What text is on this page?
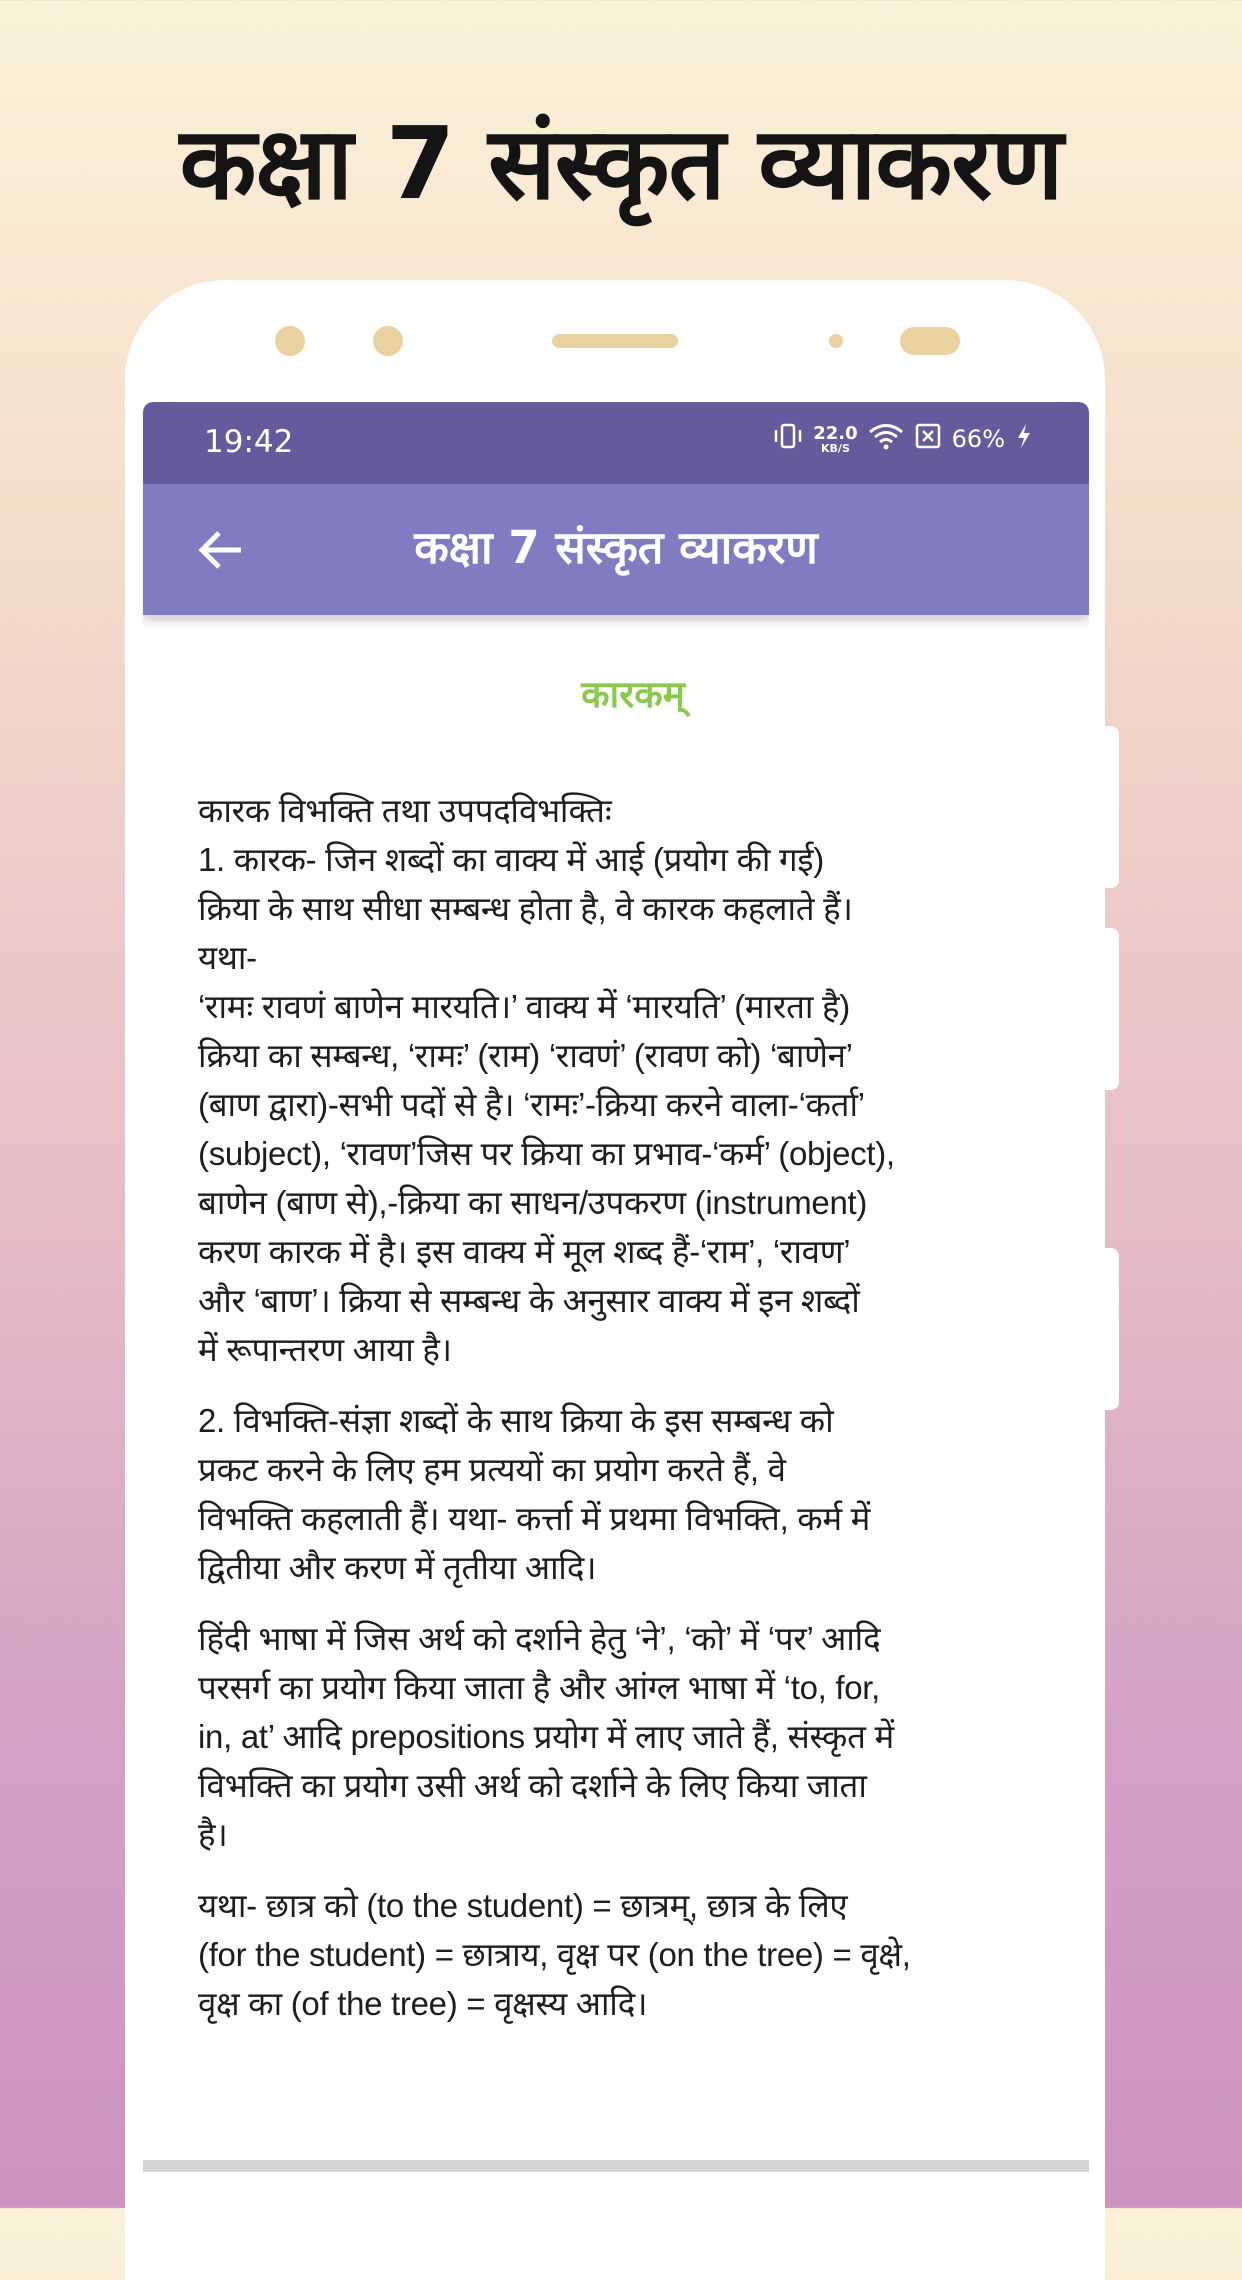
कक्षा 7 संस्कृत व्याकरण
19:42	22.0
KB/S	66%
कक्षा 7 संस्कृत व्याकरण
कारकम्

कारक विभक्ति तथा उपपदविभक्तिः
1. कारक- जिन शब्दों का वाक्य में आई (प्रयोग की गई)
क्रिया के साथ सीधा सम्बन्ध होता है, वे कारक कहलाते हैं।
यथा-
‘रामः रावणं बाणेन मारयति।’ वाक्य में ‘मारयति’ (मारता है)
क्रिया का सम्बन्ध, ‘रामः’ (राम) ‘रावणं’ (रावण को) ‘बाणेन’
(बाण द्वारा)-सभी पदों से है। ‘रामः’-क्रिया करने वाला-‘कर्ता’
(subject), ‘रावण’जिस पर क्रिया का प्रभाव-‘कर्म’ (object),
बाणेन (बाण से),-क्रिया का साधन/उपकरण (instrument)
करण कारक में है। इस वाक्य में मूल शब्द हैं-‘राम’, ‘रावण’
और ‘बाण’। क्रिया से सम्बन्ध के अनुसार वाक्य में इन शब्दों
में रूपान्तरण आया है।

2. विभक्ति-संज्ञा शब्दों के साथ क्रिया के इस सम्बन्ध को
प्रकट करने के लिए हम प्रत्ययों का प्रयोग करते हैं, वे
विभक्ति कहलाती हैं। यथा- कर्त्ता में प्रथमा विभक्ति, कर्म में
द्वितीया और करण में तृतीया आदि।

हिंदी भाषा में जिस अर्थ को दर्शाने हेतु ‘ने’, ‘को’ में ‘पर’ आदि
परसर्ग का प्रयोग किया जाता है और आंग्ल भाषा में ‘to, for,
in, at’ आदि prepositions प्रयोग में लाए जाते हैं, संस्कृत में
विभक्ति का प्रयोग उसी अर्थ को दर्शाने के लिए किया जाता
है।

यथा- छात्र को (to the student) = छात्रम्, छात्र के लिए
(for the student) = छात्राय, वृक्ष पर (on the tree) = वृक्षे,
वृक्ष का (of the tree) = वृक्षस्य आदि।
